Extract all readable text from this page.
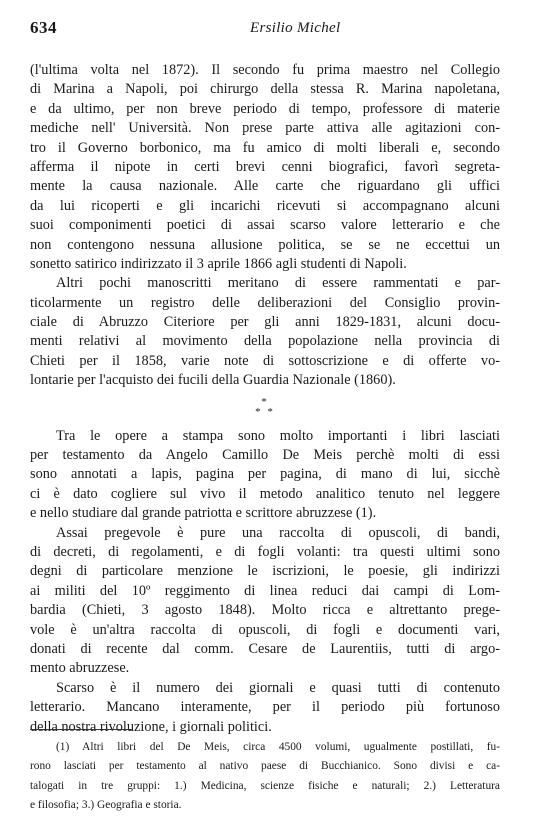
634	Ersilio Michel
(l'ultima volta nel 1872). Il secondo fu prima maestro nel Collegio
di Marina a Napoli, poi chirurgo della stessa R. Marina napoletana,
e da ultimo, per non breve periodo di tempo, professore di materie
mediche nell' Università. Non prese parte attiva alle agitazioni con-
tro il Governo borbonico, ma fu amico di molti liberali e, secondo
afferma il nipote in certi brevi cenni biografici, favorì segreta-
mente la causa nazionale. Alle carte che riguardano gli uffici
da lui ricoperti e gli incarichi ricevuti si accompagnano alcuni
suoi componimenti poetici di assai scarso valore letterario e che
non contengono nessuna allusione politica, se se ne eccettui un
sonetto satirico indirizzato il 3 aprile 1866 agli studenti di Napoli.
Altri pochi manoscritti meritano di essere rammentati e par-
ticolarmente un registro delle deliberazioni del Consiglio provin-
ciale di Abruzzo Citeriore per gli anni 1829-1831, alcuni docu-
menti relativi al movimento della popolazione nella provincia di
Chieti per il 1858, varie note di sottoscrizione e di offerte vo-
lontarie per l'acquisto dei fucili della Guardia Nazionale (1860).
*
* *
Tra le opere a stampa sono molto importanti i libri lasciati
per testamento da Angelo Camillo De Meis perchè molti di essi
sono annotati a lapis, pagina per pagina, di mano di lui, sicchè
ci è dato cogliere sul vivo il metodo analitico tenuto nel leggere
e nello studiare dal grande patriotta e scrittore abruzzese (1).
Assai pregevole è pure una raccolta di opuscoli, di bandi,
di decreti, di regolamenti, e di fogli volanti: tra questi ultimi sono
degni di particolare menzione le iscrizioni, le poesie, gli indirizzi
ai militi del 10º reggimento di linea reduci dai campi di Lom-
bardia (Chieti, 3 agosto 1848). Molto ricca e altrettanto prege-
vole è un'altra raccolta di opuscoli, di fogli e documenti vari,
donati di recente dal comm. Cesare de Laurentiis, tutti di argo-
mento abruzzese.
Scarso è il numero dei giornali e quasi tutti di contenuto
letterario. Mancano interamente, per il periodo più fortunoso
della nostra rivoluzione, i giornali politici.
(1) Altri libri del De Meis, circa 4500 volumi, ugualmente postillati, fu-
rono lasciati per testamento al nativo paese di Bucchianico. Sono divisi e ca-
talogati in tre gruppi: 1.) Medicina, scienze fisiche e naturali; 2.) Letteratura
e filosofia; 3.) Geografia e storia.
